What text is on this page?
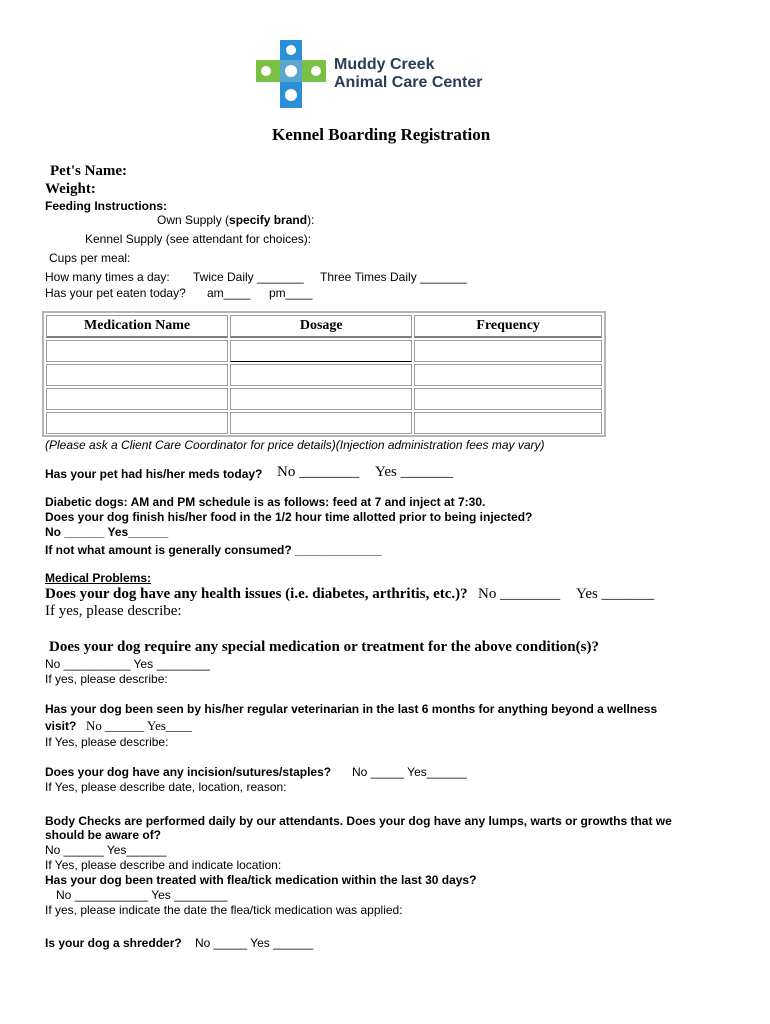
Muddy Creek
Animal Care Center
Kennel Boarding Registration
Pet's Name:
Weight:
Feeding Instructions:
Own Supply (specify brand):
Kennel Supply (see attendant for choices):
Cups per meal:
How many times a day: Twice Daily _______ Three Times Daily _______
Has your pet eaten today? am____ pm____
Medication Name	Dosage	Frequency

(Please ask a Client Care Coordinator for price details)(Injection administration fees may vary)
Has your pet had his/her meds today? No ________ Yes _______
Diabetic dogs: AM and PM schedule is as follows: feed at 7 and inject at 7:30.
Does your dog finish his/her food in the 1/2 hour time allotted prior to being injected?
No ______ Yes______
If not what amount is generally consumed? _____________
Medical Problems:
Does your dog have any health issues (i.e. diabetes, arthritis, etc.)? No ________ Yes _______
If yes, please describe:
Does your dog require any special medication or treatment for the above condition(s)?
No __________ Yes ________
If yes, please describe:
Has your dog been seen by his/her regular veterinarian in the last 6 months for anything beyond a wellness
visit? No ______ Yes____
If Yes, please describe:
Does your dog have any incision/sutures/staples? No _____ Yes______
If Yes, please describe date, location, reason:
Body Checks are performed daily by our attendants. Does your dog have any lumps, warts or growths that we
should be aware of?
No ______ Yes______
If Yes, please describe and indicate location:
Has your dog been treated with flea/tick medication within the last 30 days?
No ___________ Yes ________
If yes, please indicate the date the flea/tick medication was applied:
Is your dog a shredder? No _____ Yes ______
